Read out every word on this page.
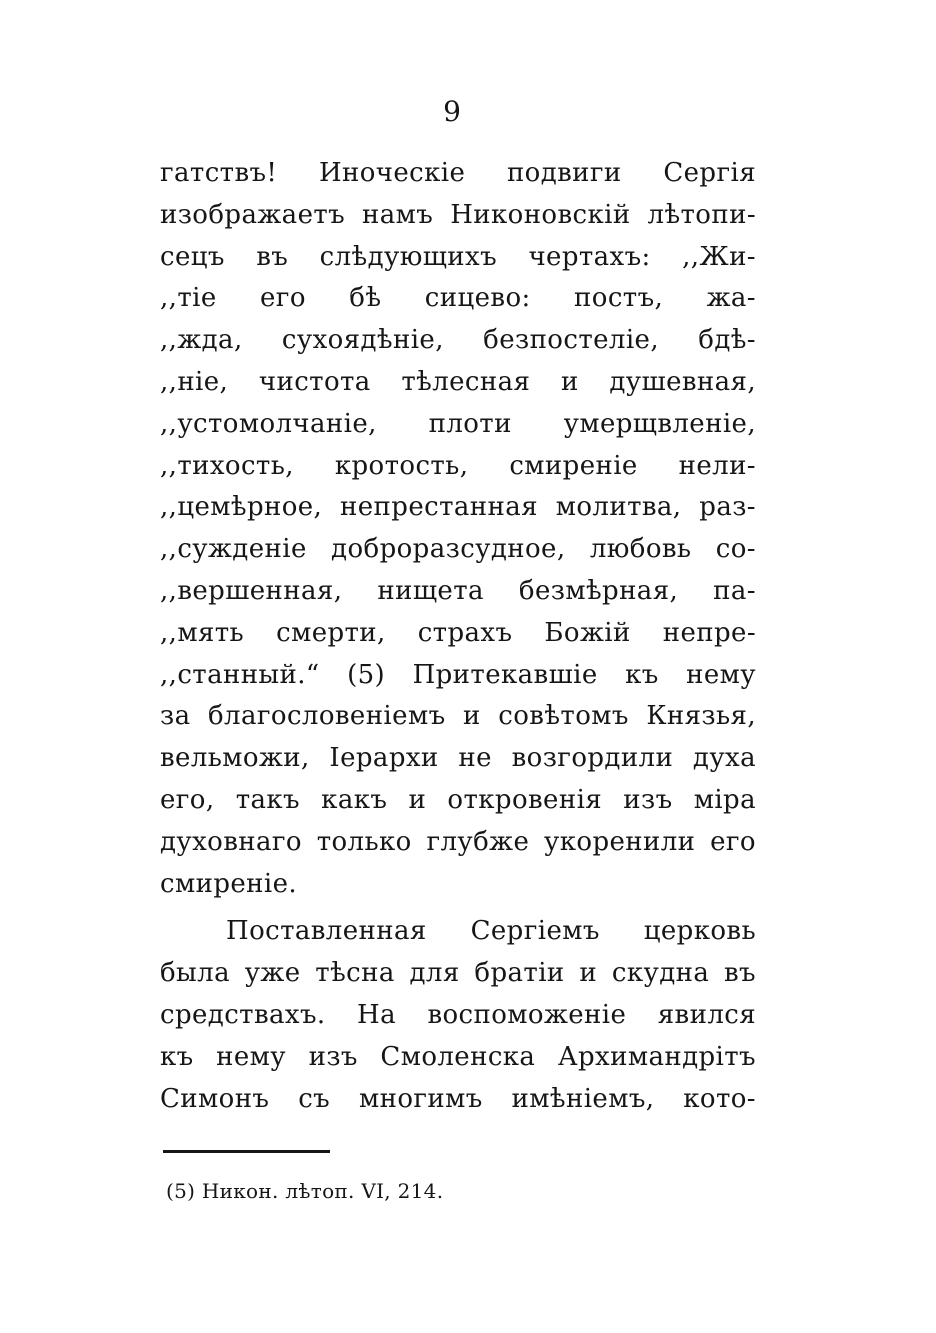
9
гатствъ! Иноческіе подвиги Сергія
изображаетъ намъ Никоновскій лѣтопи-
сецъ въ слѣдующихъ чертахъ: ,,Жи-
,,тіе его бѣ сицево: постъ, жа-
,,жда, сухоядѣніе, безпостеліе, бдѣ-
,,ніе, чистота тѣлесная и душевная,
,,устомолчаніе, плоти умерщвленіе,
,,тихость, кротость, смиреніе нели-
,,цемѣрное, непрестанная молитва, раз-
,,сужденіе доброразсудное, любовь со-
,,вершенная, нищета безмѣрная, па-
,,мять смерти, страхъ Божій непре-
,,станный.“ (5) Притекавшіе къ нему
за благословеніемъ и совѣтомъ Князья,
вельможи, Іерархи не возгордили духа
его, такъ какъ и откровенія изъ міра
духовнаго только глубже укоренили его
смиреніе.
Поставленная Сергіемъ церковь
была уже тѣсна для братіи и скудна въ
средствахъ. На воспоможеніе явился
къ нему изъ Смоленска Архимандрітъ
Симонъ съ многимъ имѣніемъ, кото-
(5) Никон. лѣтоп. VI, 214.
